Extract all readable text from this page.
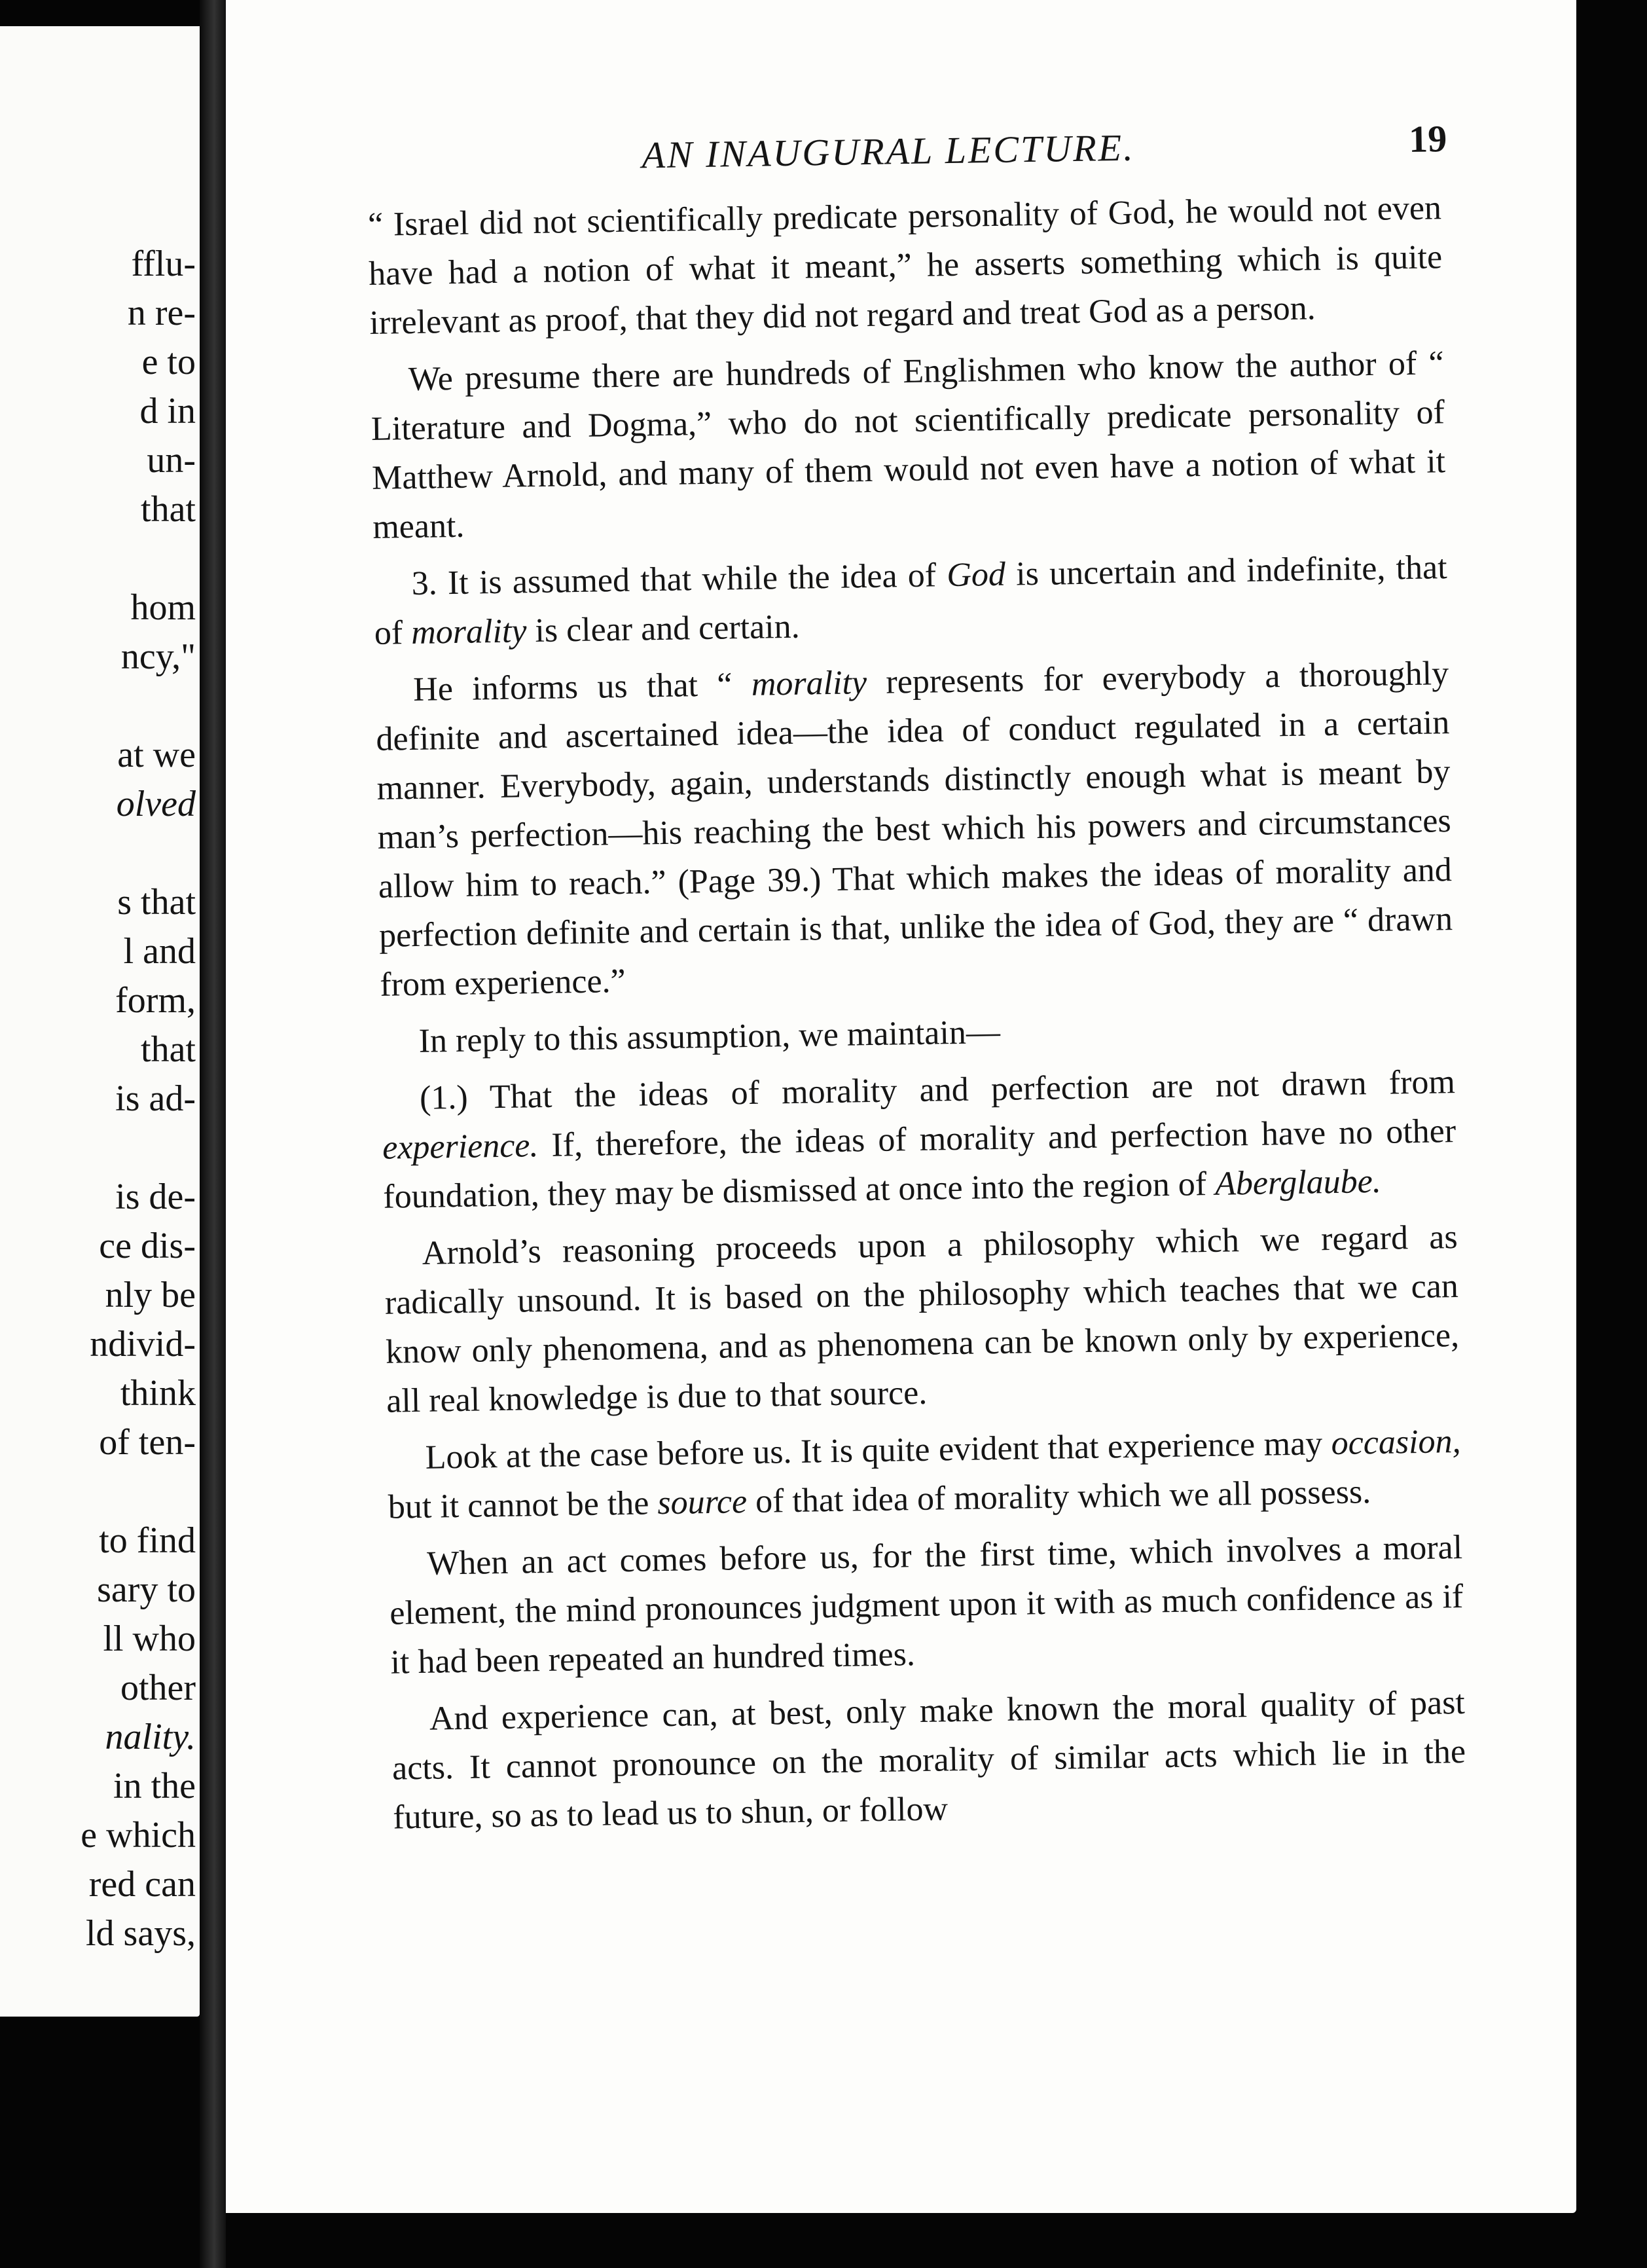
fflu-

n re-

e to

d in

un-

that

hom

ncy,"

at we

olved

s that

l and

form,

that

is ad-

is de-

ce dis-

nly be

ndivid-

think

of ten-

to find

sary to

ll who

other

nality.

in the

e which

red can

ld says,

AN INAUGURAL LECTURE.	19

“ Israel did not scientifically predicate personality of God, he would not even have had a notion of what it meant,” he asserts something which is quite irrelevant as proof, that they did not regard and treat God as a person.

We presume there are hundreds of Englishmen who know the author of “ Literature and Dogma,” who do not scientifically predicate personality of Matthew Arnold, and many of them would not even have a notion of what it meant.

3. It is assumed that while the idea of God is uncertain and indefinite, that of morality is clear and certain.

He informs us that “ morality represents for everybody a thoroughly definite and ascertained idea—the idea of conduct regulated in a certain manner. Everybody, again, understands distinctly enough what is meant by man’s perfection—his reaching the best which his powers and circumstances allow him to reach.” (Page 39.) That which makes the ideas of morality and perfection definite and certain is that, unlike the idea of God, they are “ drawn from experience.”

In reply to this assumption, we maintain—

(1.) That the ideas of morality and perfection are not drawn from experience. If, therefore, the ideas of morality and perfection have no other foundation, they may be dismissed at once into the region of Aberglaube.

Arnold’s reasoning proceeds upon a philosophy which we regard as radically unsound. It is based on the philosophy which teaches that we can know only phenomena, and as phenomena can be known only by experience, all real knowledge is due to that source.

Look at the case before us. It is quite evident that experience may occasion, but it cannot be the source of that idea of morality which we all possess.

When an act comes before us, for the first time, which involves a moral element, the mind pronounces judgment upon it with as much confidence as if it had been repeated an hundred times.

And experience can, at best, only make known the moral quality of past acts. It cannot pronounce on the morality of similar acts which lie in the future, so as to lead us to shun, or follow
